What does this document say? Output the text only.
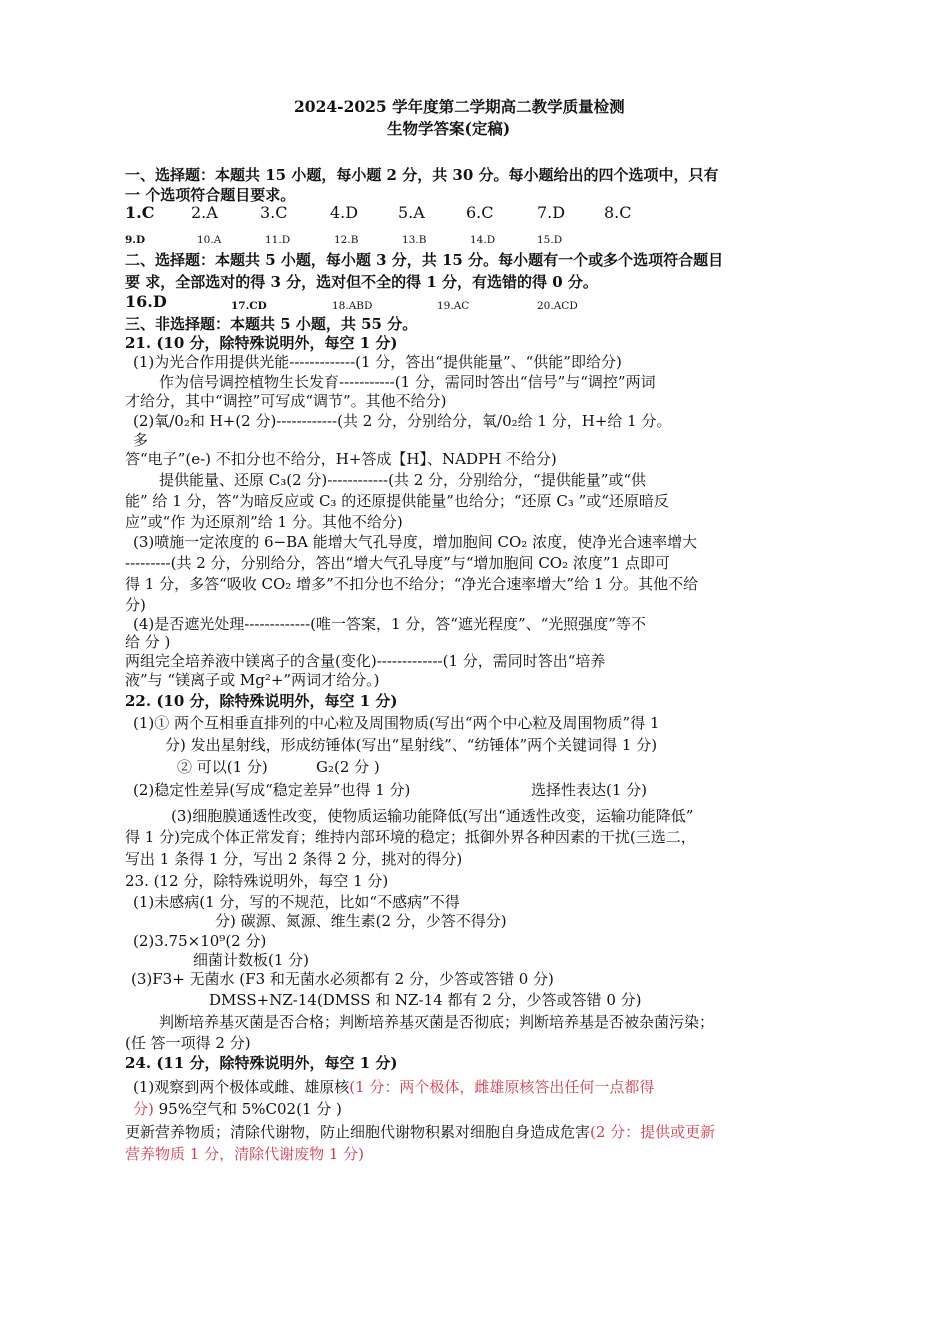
2024-2025 学年度第二学期高二教学质量检测
生物学答案(定稿)
一、选择题：本题共 15 小题，每小题 2 分，共 30 分。每小题给出的四个选项中，只有
一 个选项符合题目要求。
1.C 2.A	3.C	4.D 5.A	6.C	7.D 8.C
9.D	10.A	11.D	12.B	13.B	14.D	15.D
二、选择题：本题共 5 小题，每小题 3 分，共 15 分。每小题有一个或多个选项符合题目
要 求，全部选对的得 3 分，选对但不全的得 1 分，有选错的得 0 分。
16.D	17.CD	18.ABD	19.AC	20.ACD
三、非选择题：本题共 5 小题，共 55 分。
21. (10 分，除特殊说明外，每空 1 分)
(1)为光合作用提供光能-------------(1 分，答出“提供能量”、“供能”即给分)
作为信号调控植物生长发育-----------(1 分，需同时答出“信号”与“调控”两词
才给分，其中“调控”可写成“调节”。其他不给分)
(2)氧/0₂和 H+(2 分)------------(共 2 分，分别给分，氧/0₂给 1 分，H+给 1 分。
多
答“电子”(e-) 不扣分也不给分，H+答成【H】、NADPH 不给分)
提供能量、还原 C₃(2 分)------------(共 2 分，分别给分，“提供能量”或“供
能” 给 1 分，答“为暗反应或 C₃ 的还原提供能量”也给分；“还原 C₃ ”或“还原暗反
应”或“作 为还原剂”给 1 分。其他不给分)
(3)喷施一定浓度的 6−BA 能增大气孔导度，增加胞间 CO₂ 浓度，使净光合速率增大
---------(共 2 分，分别给分，答出“增大气孔导度”与“增加胞间 CO₂ 浓度”1 点即可
得 1 分，多答“吸收 CO₂ 增多”不扣分也不给分；“净光合速率增大”给 1 分。其他不给
分)
(4)是否遮光处理-------------(唯一答案，1 分，答“遮光程度”、“光照强度”等不
给 分 )
两组完全培养液中镁离子的含量(变化)-------------(1 分，需同时答出“培养
液”与 “镁离子或 Mg²+”两词才给分。)
22. (10 分，除特殊说明外，每空 1 分)
(1)① 两个互相垂直排列的中心粒及周围物质(写出“两个中心粒及周围物质”得 1
分) 发出星射线，形成纺锤体(写出“星射线”、“纺锤体”两个关键词得 1 分)
② 可以(1 分)	G₂(2 分 )
(2)稳定性差异(写成“稳定差异”也得 1 分)	选择性表达(1 分)
(3)细胞膜通透性改变，使物质运输功能降低(写出“通透性改变，运输功能降低”
得 1 分)完成个体正常发育；维持内部环境的稳定；抵御外界各种因素的干扰(三选二，
写出 1 条得 1 分，写出 2 条得 2 分，挑对的得分)
23. (12 分，除特殊说明外，每空 1 分)
(1)未感病(1 分，写的不规范，比如“不感病”不得
分) 碳源、氮源、维生素(2 分，少答不得分)
(2)3.75×10⁹(2 分)
细菌计数板(1 分)
(3)F3+ 无菌水 (F3 和无菌水必须都有 2 分，少答或答错 0 分)
DMSS+NZ-14(DMSS 和 NZ-14 都有 2 分，少答或答错 0 分)
判断培养基灭菌是否合格；判断培养基灭菌是否彻底；判断培养基是否被杂菌污染；
(任 答一项得 2 分)
24. (11 分，除特殊说明外，每空 1 分)
(1)观察到两个极体或雌、雄原核(1 分：两个极体，雌雄原核答出任何一点都得
分) 95%空气和 5%C02(1 分 )
更新营养物质；清除代谢物，防止细胞代谢物积累对细胞自身造成危害(2 分：提供或更新
营养物质 1 分，清除代谢废物 1 分)
